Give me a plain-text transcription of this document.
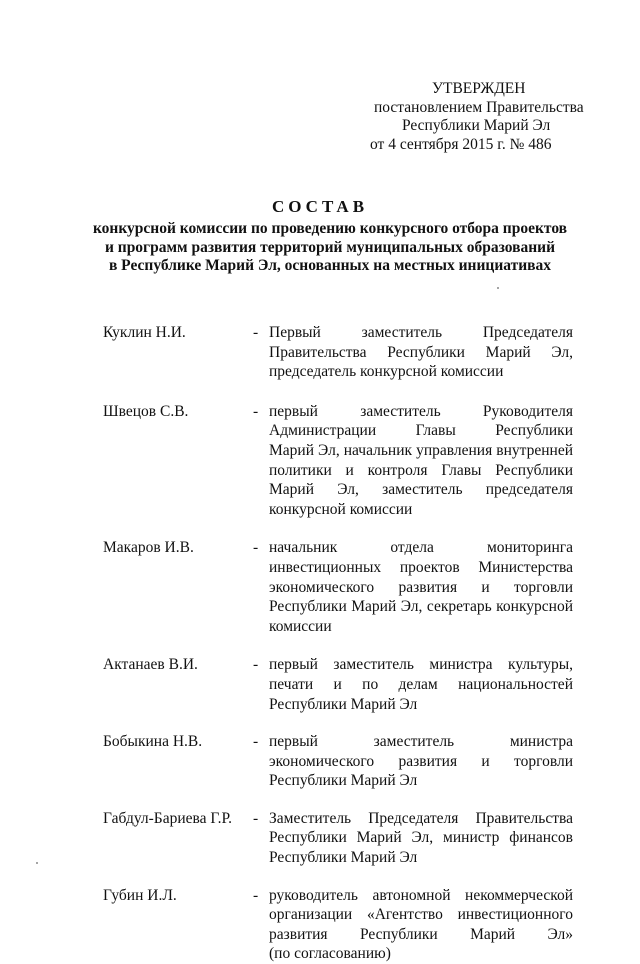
УТВЕРЖДЕН
постановлением Правительства
Республики Марий Эл
от 4 сентября 2015 г. № 486
СОСТАВ
конкурсной комиссии по проведению конкурсного отбора проектов
и программ развития территорий муниципальных образований
в Республике Марий Эл, основанных на местных инициативах
Куклин Н.И.	- Первый заместитель Председателя
Правительства Республики Марий Эл,
председатель конкурсной комиссии
Швецов С.В.	- первый заместитель Руководителя
Администрации Главы Республики
Марий Эл, начальник управления внутренней
политики и контроля Главы Республики
Марий Эл, заместитель председателя
конкурсной комиссии
Макаров И.В.	- начальник отдела мониторинга
инвестиционных проектов Министерства
экономического развития и торговли
Республики Марий Эл, секретарь конкурсной
комиссии
Актанаев В.И.	- первый заместитель министра культуры,
печати и по делам национальностей
Республики Марий Эл
Бобыкина Н.В.	- первый заместитель министра
экономического развития и торговли
Республики Марий Эл
Габдул-Бариева Г.Р.	- Заместитель Председателя Правительства
Республики Марий Эл, министр финансов
Республики Марий Эл
Губин И.Л.	- руководитель автономной некоммерческой
организации «Агентство инвестиционного
развития Республики Марий Эл»
(по согласованию)
